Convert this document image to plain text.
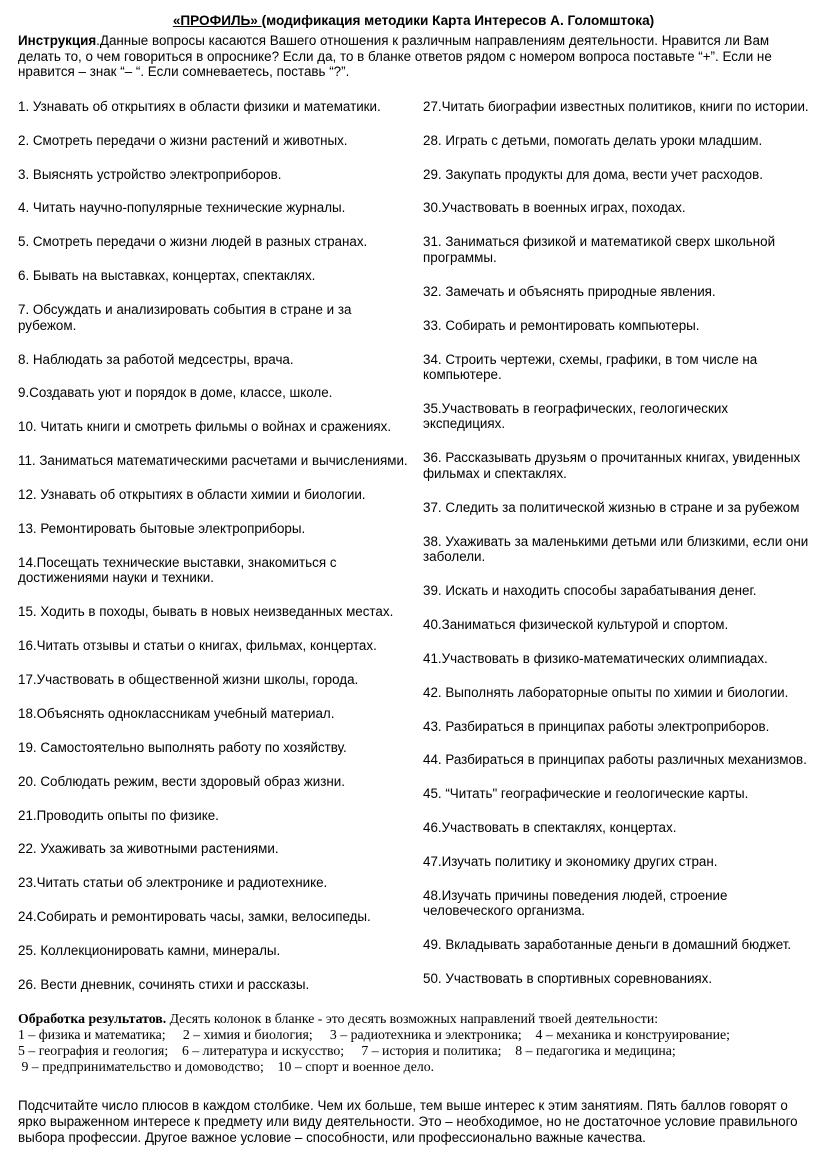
«ПРОФИЛЬ» (модификация методики Карта Интересов А. Голомштока)

Инструкция.Данные вопросы касаются Вашего отношения к различным направлениям деятельности. Нравится ли Вам делать то, о чем говориться в опроснике? Если да, то в бланке ответов рядом с номером вопроса поставьте “+”. Если не нравится – знак “– “. Если сомневаетесь, поставь “?”.

1. Узнавать об открытиях в области физики и математики.

2. Смотреть передачи о жизни растений и животных.

3. Выяснять устройство электроприборов.

4. Читать научно-популярные технические журналы.

5. Смотреть передачи о жизни людей в разных странах.

6. Бывать на выставках, концертах, спектаклях.

7. Обсуждать и анализировать события в стране и за рубежом.

8. Наблюдать за работой медсестры, врача.

9.Создавать уют и порядок в доме, классе, школе.

10. Читать книги и смотреть фильмы о войнах и сражениях.

11. Заниматься математическими расчетами и вычислениями.

12. Узнавать об открытиях в области химии и биологии.

13. Ремонтировать бытовые электроприборы.

14.Посещать технические выставки, знакомиться с достижениями науки и техники.

15. Ходить в походы, бывать в новых неизведанных местах.

16.Читать отзывы и статьи о книгах, фильмах, концертах.

17.Участвовать в общественной жизни школы, города.

18.Объяснять одноклассникам учебный материал.

19. Самостоятельно выполнять работу по хозяйству.

20. Соблюдать режим, вести здоровый образ жизни.

21.Проводить опыты по физике.

22. Ухаживать за животными растениями.

23.Читать статьи об электронике и радиотехнике.

24.Собирать и ремонтировать часы, замки, велосипеды.

25. Коллекционировать камни, минералы.

26. Вести дневник, сочинять стихи и рассказы.

27.Читать биографии известных политиков, книги по истории.

28. Играть с детьми, помогать делать уроки младшим.

29. Закупать продукты для дома, вести учет расходов.

30.Участвовать в военных играх, походах.

31. Заниматься физикой и математикой сверх школьной программы.

32. Замечать и объяснять природные явления.

33. Собирать и ремонтировать компьютеры.

34. Строить чертежи, схемы, графики, в том числе на компьютере.

35.Участвовать в географических, геологических экспедициях.

36. Рассказывать друзьям о прочитанных книгах, увиденных фильмах и спектаклях.

37. Следить за политической жизнью в стране и за рубежом

38. Ухаживать за маленькими детьми или близкими, если они заболели.

39. Искать и находить способы зарабатывания денег.

40.Заниматься физической культурой и спортом.

41.Участвовать в физико-математических олимпиадах.

42. Выполнять лабораторные опыты по химии и биологии.

43. Разбираться в принципах работы электроприборов.

44. Разбираться в принципах работы различных механизмов.

45. “Читать" географические и геологические карты.

46.Участвовать в спектаклях, концертах.

47.Изучать политику и экономику других стран.

48.Изучать причины поведения людей, строение человеческого организма.

49. Вкладывать заработанные деньги в домашний бюджет.

50. Участвовать в спортивных соревнованиях.

Обработка результатов. Десять колонок в бланке - это десять возможных направлений твоей деятельности:

1 – физика и математика;     2 – химия и биология;     3 – радиотехника и электроника;    4 – механика и конструирование;
5 – география и геология;    6 – литература и искусство;     7 – история и политика;    8 – педагогика и медицина;
9 – предпринимательство и домоводство;    10 – спорт и военное дело.

Подсчитайте число плюсов в каждом столбике. Чем их больше, тем выше интерес к этим занятиям. Пять баллов говорят о ярко выраженном интересе к предмету или виду деятельности. Это – необходимое, но не достаточное условие правильного выбора профессии. Другое важное условие – способности, или профессионально важные качества.
